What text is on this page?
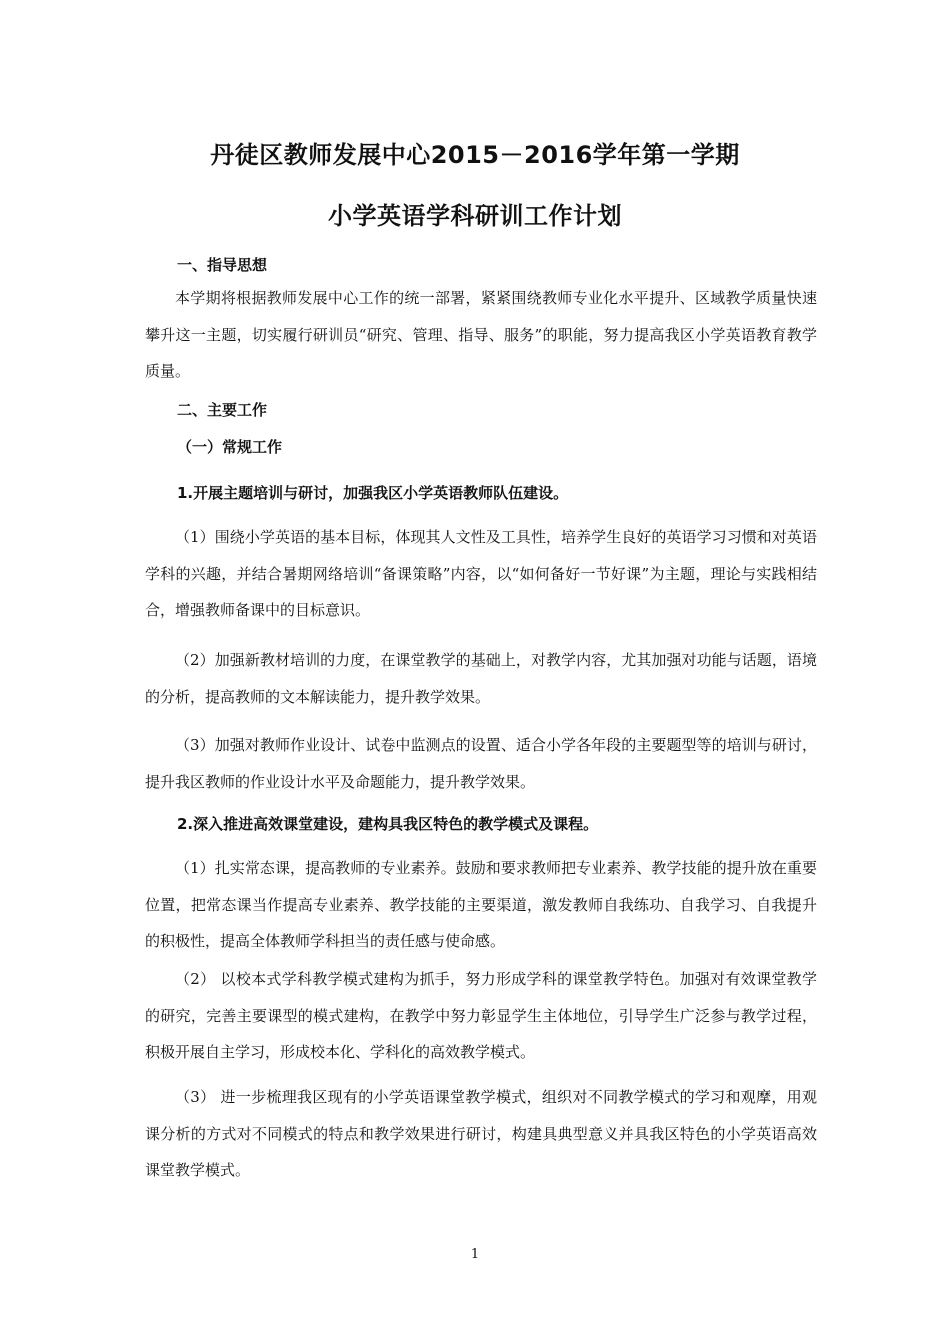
丹徒区教师发展中心2015－2016学年第一学期
小学英语学科研训工作计划
一、指导思想
本学期将根据教师发展中心工作的统一部署，紧紧围绕教师专业化水平提升、区域教学质量快速攀升这一主题，切实履行研训员“研究、管理、指导、服务”的职能，努力提高我区小学英语教育教学质量。
二、主要工作
（一）常规工作
1.开展主题培训与研讨，加强我区小学英语教师队伍建设。
（1）围绕小学英语的基本目标，体现其人文性及工具性，培养学生良好的英语学习习惯和对英语学科的兴趣，并结合暑期网络培训“备课策略”内容，以“如何备好一节好课”为主题，理论与实践相结合，增强教师备课中的目标意识。
（2）加强新教材培训的力度，在课堂教学的基础上，对教学内容，尤其加强对功能与话题，语境的分析，提高教师的文本解读能力，提升教学效果。
（3）加强对教师作业设计、试卷中监测点的设置、适合小学各年段的主要题型等的培训与研讨，提升我区教师的作业设计水平及命题能力，提升教学效果。
2.深入推进高效课堂建设，建构具我区特色的教学模式及课程。
（1）扎实常态课，提高教师的专业素养。鼓励和要求教师把专业素养、教学技能的提升放在重要位置，把常态课当作提高专业素养、教学技能的主要渠道，激发教师自我练功、自我学习、自我提升的积极性，提高全体教师学科担当的责任感与使命感。
（2） 以校本式学科教学模式建构为抓手，努力形成学科的课堂教学特色。加强对有效课堂教学的研究，完善主要课型的模式建构，在教学中努力彰显学生主体地位，引导学生广泛参与教学过程，积极开展自主学习，形成校本化、学科化的高效教学模式。
（3） 进一步梳理我区现有的小学英语课堂教学模式，组织对不同教学模式的学习和观摩，用观课分析的方式对不同模式的特点和教学效果进行研讨，构建具典型意义并具我区特色的小学英语高效课堂教学模式。
1
